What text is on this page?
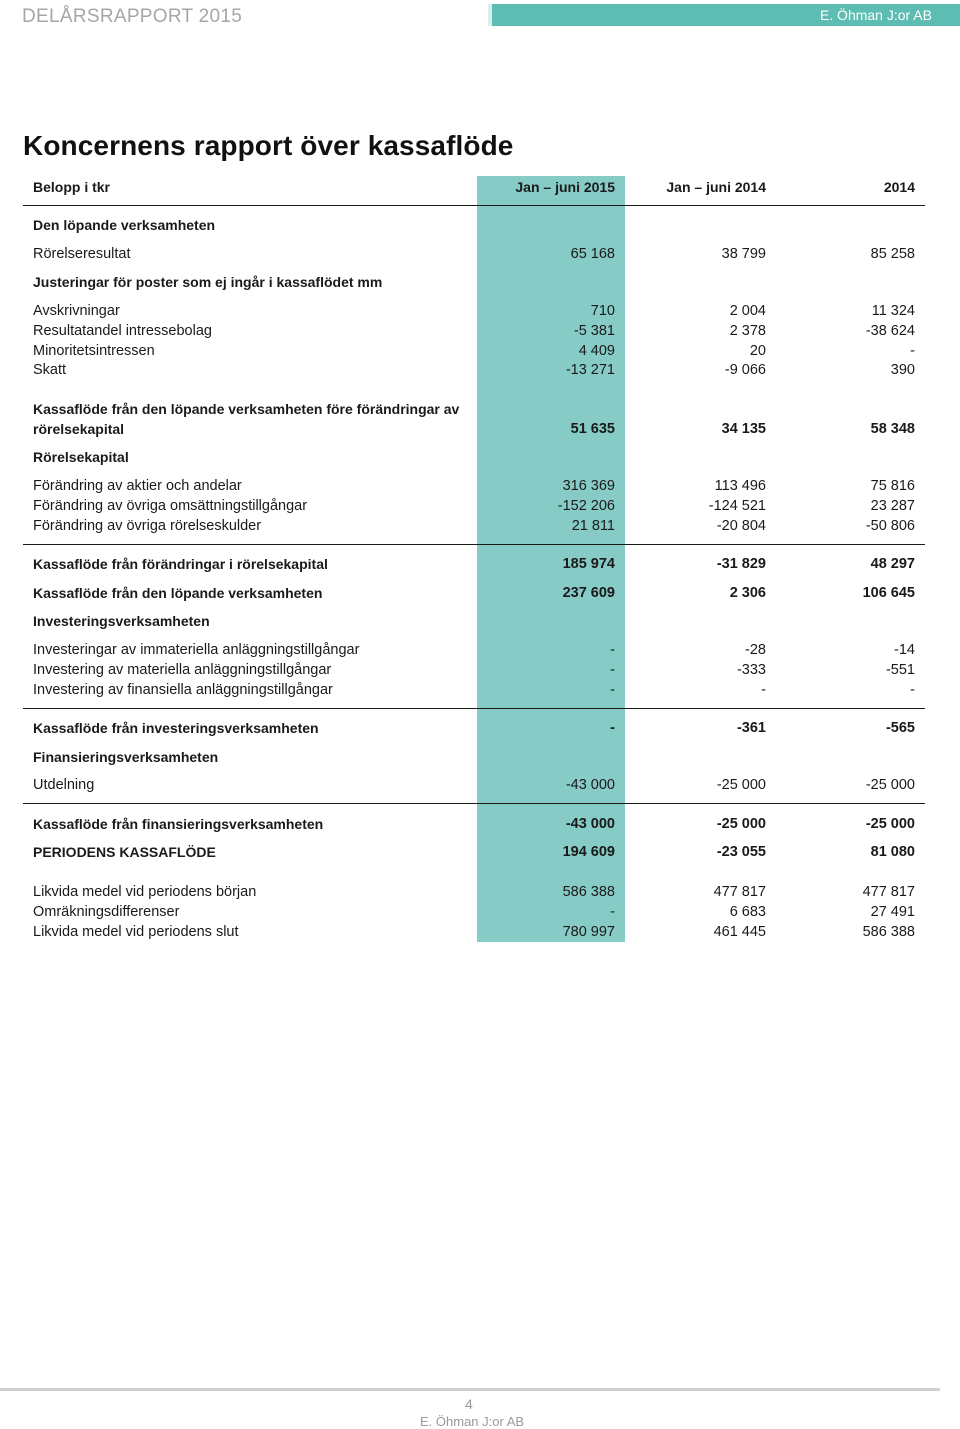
DELÅRSRAPPORT 2015	E. Öhman J:or AB
Koncernens rapport över kassaflöde
Belopp i tkr	Jan – juni 2015	Jan – juni 2014	2014
Den löpande verksamheten
Rörelseresultat	65 168	38 799	85 258
Justeringar för poster som ej ingår i kassaflödet mm
Avskrivningar	710	2 004	11 324
Resultatandel intressebolag	-5 381	2 378	-38 624
Minoritetsintressen	4 409	20	-
Skatt	-13 271	-9 066	390
Kassaflöde från den löpande verksamheten före förändringar av
rörelsekapital	51 635	34 135	58 348
Rörelsekapital
Förändring av aktier och andelar	316 369	113 496	75 816
Förändring av övriga omsättningstillgångar	-152 206	-124 521	23 287
Förändring av övriga rörelseskulder	21 811	-20 804	-50 806
Kassaflöde från förändringar i rörelsekapital	185 974	-31 829	48 297
Kassaflöde från den löpande verksamheten	237 609	2 306	106 645
Investeringsverksamheten
Investeringar av immateriella anläggningstillgångar	-	-28	-14
Investering av materiella anläggningstillgångar	-	-333	-551
Investering av finansiella anläggningstillgångar	-	-	-
Kassaflöde från investeringsverksamheten	-	-361	-565
Finansieringsverksamheten
Utdelning	-43 000	-25 000	-25 000
Kassaflöde från finansieringsverksamheten	-43 000	-25 000	-25 000
PERIODENS KASSAFLÖDE	194 609	-23 055	81 080
Likvida medel vid periodens början	586 388	477 817	477 817
Omräkningsdifferenser	-	6 683	27 491
Likvida medel vid periodens slut	780 997	461 445	586 388
4
E. Öhman J:or AB
